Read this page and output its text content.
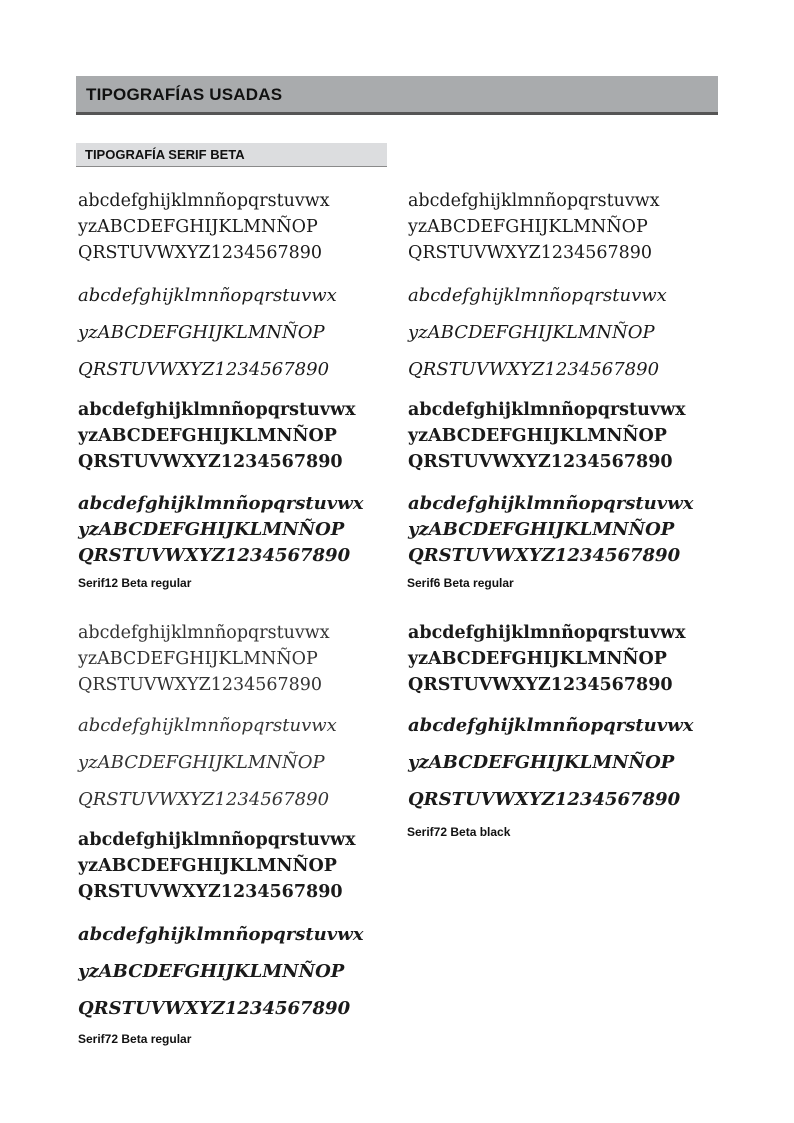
TIPOGRAFÍAS USADAS
TIPOGRAFÍA SERIF BETA
abcdefghijklmnñopqrstuvwx
yzABCDEFGHIJKLMNÑOP
QRSTUVWXYZ1234567890
abcdefghijklmnñopqrstuvwx
yzABCDEFGHIJKLMNÑOP
QRSTUVWXYZ1234567890
abcdefghijklmnñopqrstuvwx
yzABCDEFGHIJKLMNÑOP
QRSTUVWXYZ1234567890
abcdefghijklmnñopqrstuvwx
yzABCDEFGHIJKLMNÑOP
QRSTUVWXYZ1234567890
Serif12 Beta regular
abcdefghijklmnñopqrstuvwx
yzABCDEFGHIJKLMNÑOP
QRSTUVWXYZ1234567890
abcdefghijklmnñopqrstuvwx
yzABCDEFGHIJKLMNÑOP
QRSTUVWXYZ1234567890
abcdefghijklmnñopqrstuvwx
yzABCDEFGHIJKLMNÑOP
QRSTUVWXYZ1234567890
abcdefghijklmnñopqrstuvwx
yzABCDEFGHIJKLMNÑOP
QRSTUVWXYZ1234567890
Serif6 Beta regular
abcdefghijklmnñopqrstuvwx
yzABCDEFGHIJKLMNÑOP
QRSTUVWXYZ1234567890
abcdefghijklmnñopqrstuvwx
yzABCDEFGHIJKLMNÑOP
QRSTUVWXYZ1234567890
abcdefghijklmnñopqrstuvwx
yzABCDEFGHIJKLMNÑOP
QRSTUVWXYZ1234567890
abcdefghijklmnñopqrstuvwx
yzABCDEFGHIJKLMNÑOP
QRSTUVWXYZ1234567890
Serif72 Beta regular
abcdefghijklmnñopqrstuvwx
yzABCDEFGHIJKLMNÑOP
QRSTUVWXYZ1234567890
abcdefghijklmnñopqrstuvwx
yzABCDEFGHIJKLMNÑOP
QRSTUVWXYZ1234567890
Serif72 Beta black
